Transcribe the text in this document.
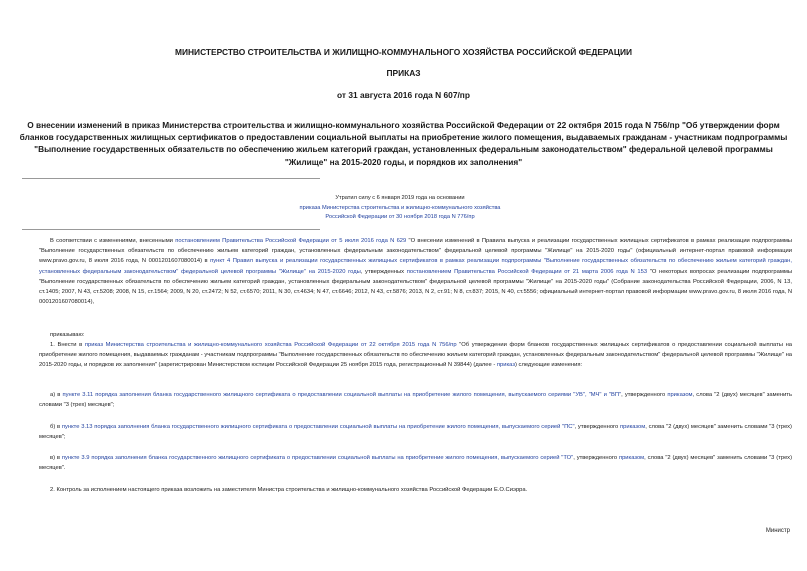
МИНИСТЕРСТВО СТРОИТЕЛЬСТВА И ЖИЛИЩНО-КОММУНАЛЬНОГО ХОЗЯЙСТВА РОССИЙСКОЙ ФЕДЕРАЦИИ
ПРИКАЗ
от 31 августа 2016 года N 607/пр
О внесении изменений в приказ Министерства строительства и жилищно-коммунального хозяйства Российской Федерации от 22 октября 2015 года N 756/пр "Об утверждении форм бланков государственных жилищных сертификатов о предоставлении социальной выплаты на приобретение жилого помещения, выдаваемых гражданам - участникам подпрограммы "Выполнение государственных обязательств по обеспечению жильем категорий граждан, установленных федеральным законодательством" федеральной целевой программы "Жилище" на 2015-2020 годы, и порядков их заполнения"
Утратил силу с 6 января 2019 года на основании
приказа Министерства строительства и жилищно-коммунального хозяйства
Российской Федерации от 30 ноября 2018 года N 776/пр
В соответствии с изменениями, внесенными постановлением Правительства Российской Федерации от 5 июля 2016 года N 629 "О внесении изменений в Правила выпуска и реализации государственных жилищных сертификатов в рамках реализации подпрограммы "Выполнение государственных обязательств по обеспечению жильем категорий граждан, установленных федеральным законодательством" федеральной целевой программы "Жилище" на 2015-2020 годы" (официальный интернет-портал правовой информации www.pravo.gov.ru, 8 июля 2016 года, N 0001201607080014) в пункт 4 Правил выпуска и реализации государственных жилищных сертификатов в рамках реализации подпрограммы "Выполнение государственных обязательств по обеспечению жильем категорий граждан, установленных федеральным законодательством" федеральной целевой программы "Жилище" на 2015-2020 годы, утвержденных постановлением Правительства Российской Федерации от 21 марта 2006 года N 153 "О некоторых вопросах реализации подпрограммы "Выполнение государственных обязательств по обеспечению жильем категорий граждан, установленных федеральным законодательством" федеральной целевой программы "Жилище" на 2015-2020 годы" (Собрание законодательства Российской Федерации, 2006, N 13, ст.1405; 2007, N 43, ст.5208; 2008, N 15, ст.1564; 2009, N 20, ст.2472; N 52, ст.6570; 2011, N 30, ст.4634; N 47, ст.6646; 2012, N 43, ст.5876; 2013, N 2, ст.91; N 8, ст.837; 2015, N 40, ст.5556; официальный интернет-портал правовой информации www.pravo.gov.ru, 8 июля 2016 года, N 0001201607080014),
приказываю:
1. Внести в приказ Министерства строительства и жилищно-коммунального хозяйства Российской Федерации от 22 октября 2015 года N 756/пр "Об утверждении форм бланков государственных жилищных сертификатов о предоставлении социальной выплаты на приобретение жилого помещения, выдаваемых гражданам - участникам подпрограммы "Выполнение государственных обязательств по обеспечению жильем категорий граждан, установленных федеральным законодательством" федеральной целевой программы "Жилище" на 2015-2020 годы, и порядков их заполнения" (зарегистрирован Министерством юстиции Российской Федерации 25 ноября 2015 года, регистрационный N 39844) (далее - приказ) следующие изменения:
а) в пункте 3.11 порядка заполнения бланка государственного жилищного сертификата о предоставлении социальной выплаты на приобретение жилого помещения, выпускаемого сериями "УВ", "МЧ" и "ВП", утвержденного приказом, слова "2 (двух) месяцев" заменить словами "3 (трех) месяцев";
б) в пункте 3.13 порядка заполнения бланка государственного жилищного сертификата о предоставлении социальной выплаты на приобретение жилого помещения, выпускаемого серией "ПС", утвержденного приказом, слова "2 (двух) месяцев" заменить словами "3 (трех) месяцев";
в) в пункте 3.9 порядка заполнения бланка государственного жилищного сертификата о предоставлении социальной выплаты на приобретение жилого помещения, выпускаемого серией "ТО", утвержденного приказом, слова "2 (двух) месяцев" заменить словами "3 (трех) месяцев".
2. Контроль за исполнением настоящего приказа возложить на заместителя Министра строительства и жилищно-коммунального хозяйства Российской Федерации Е.О.Сиэрра.
Министр
